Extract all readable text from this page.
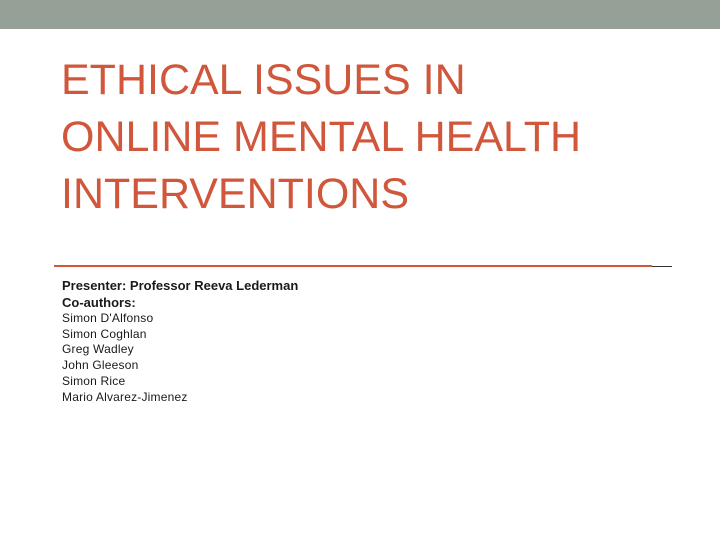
ETHICAL ISSUES IN
ONLINE MENTAL HEALTH
INTERVENTIONS
Presenter: Professor Reeva Lederman
Co-authors:
Simon D'Alfonso
Simon Coghlan
Greg Wadley
John Gleeson
Simon Rice
Mario Alvarez-Jimenez
